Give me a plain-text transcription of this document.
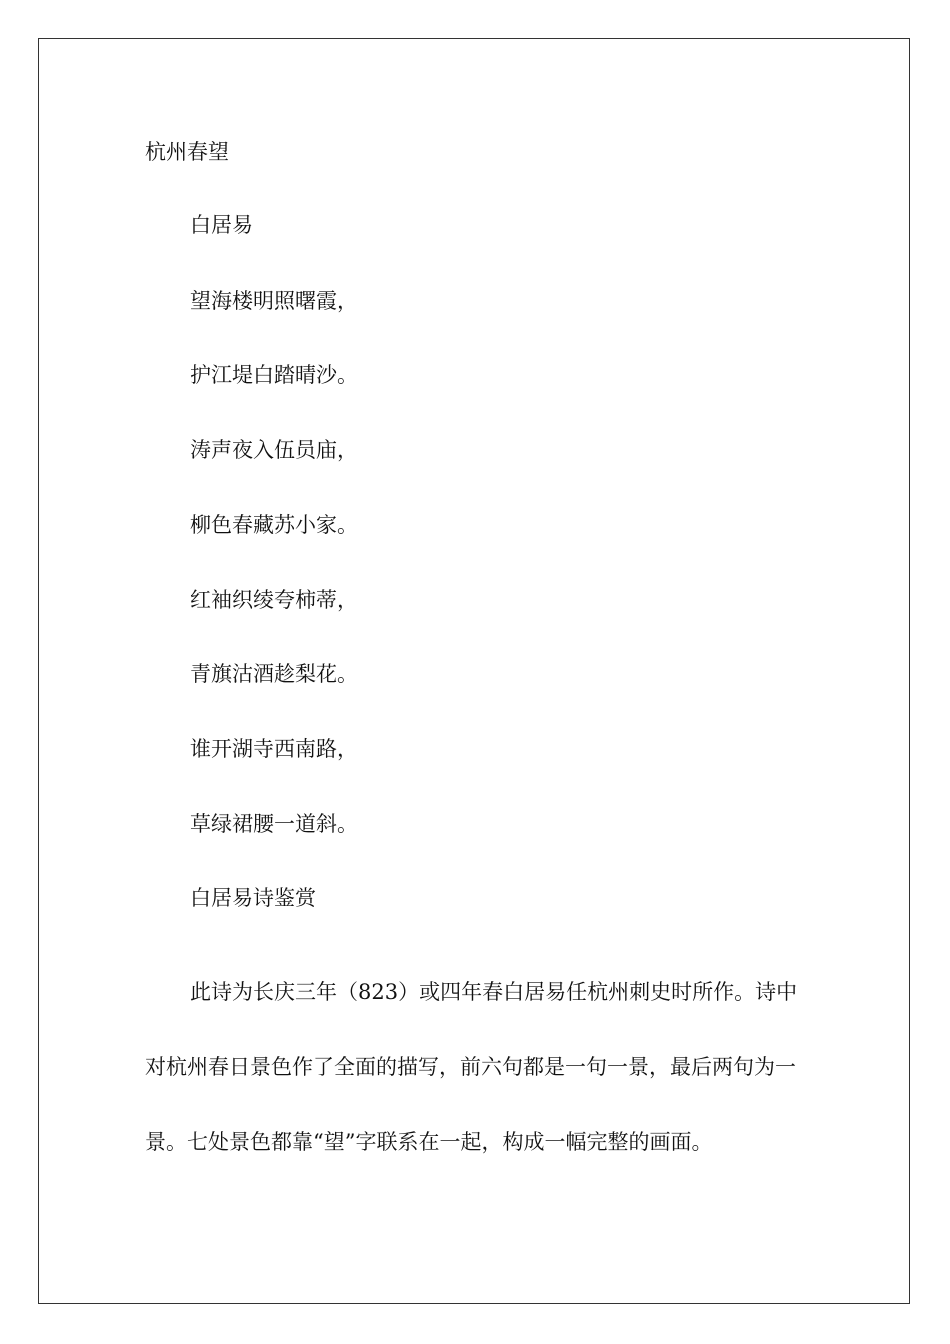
杭州春望
白居易
望海楼明照曙霞，
护江堤白踏晴沙。
涛声夜入伍员庙，
柳色春藏苏小家。
红袖织绫夸柿蒂，
青旗沽酒趁梨花。
谁开湖寺西南路，
草绿裙腰一道斜。
白居易诗鉴赏

此诗为长庆三年（823）或四年春白居易任杭州刺史时所作。诗中对杭州春日景色作了全面的描写，前六句都是一句一景，最后两句为一景。七处景色都靠“望”字联系在一起，构成一幅完整的画面。
